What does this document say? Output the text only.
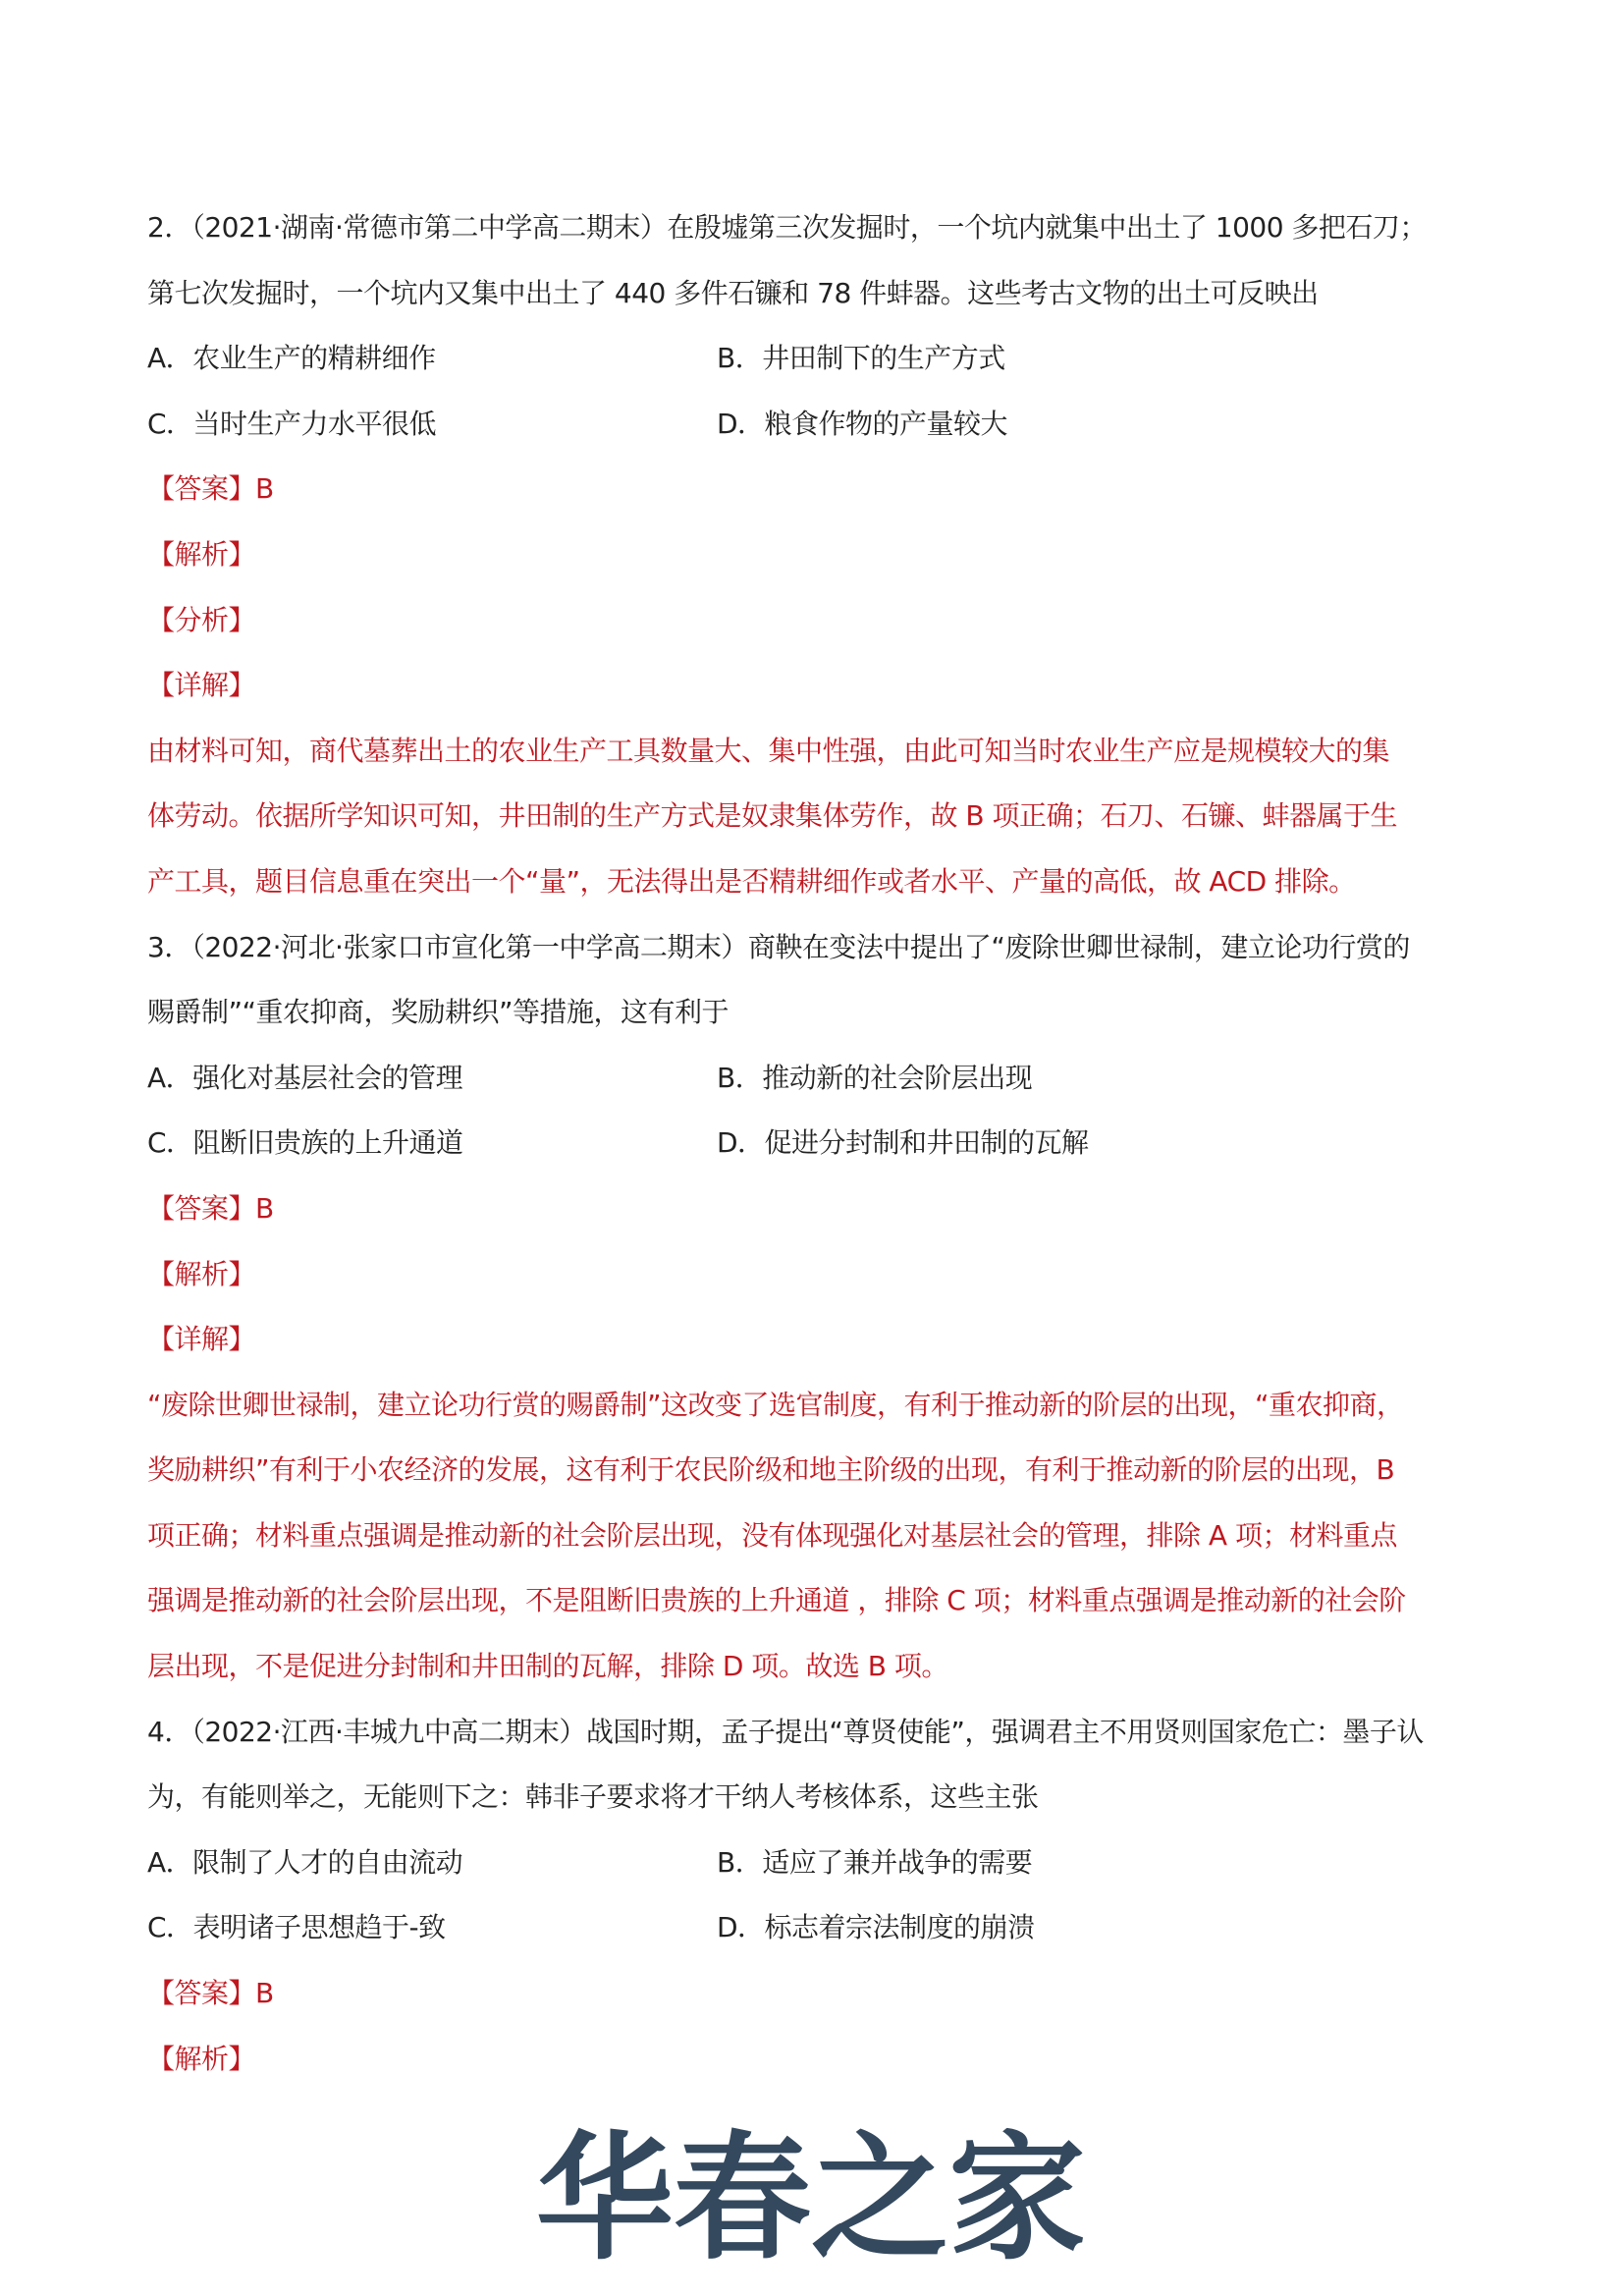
2．（2021·湖南·常德市第二中学高二期末）在殷墟第三次发掘时，一个坑内就集中出土了 1000 多把石刀；
第七次发掘时，一个坑内又集中出土了 440 多件石镰和 78 件蚌器。这些考古文物的出土可反映出
A．农业生产的精耕细作	B．井田制下的生产方式
C．当时生产力水平很低	D．粮食作物的产量较大
【答案】B
【解析】
【分析】
【详解】
由材料可知，商代墓葬出土的农业生产工具数量大、集中性强，由此可知当时农业生产应是规模较大的集
体劳动。依据所学知识可知，井田制的生产方式是奴隶集体劳作，故 B 项正确；石刀、石镰、蚌器属于生
产工具，题目信息重在突出一个“量”，无法得出是否精耕细作或者水平、产量的高低，故 ACD 排除。
3．（2022·河北·张家口市宣化第一中学高二期末）商鞅在变法中提出了“废除世卿世禄制，建立论功行赏的
赐爵制”“重农抑商，奖励耕织”等措施，这有利于
A．强化对基层社会的管理	B．推动新的社会阶层出现
C．阻断旧贵族的上升通道	D．促进分封制和井田制的瓦解
【答案】B
【解析】
【详解】
“废除世卿世禄制，建立论功行赏的赐爵制”这改变了选官制度，有利于推动新的阶层的出现，“重农抑商，
奖励耕织”有利于小农经济的发展，这有利于农民阶级和地主阶级的出现，有利于推动新的阶层的出现，B
项正确；材料重点强调是推动新的社会阶层出现，没有体现强化对基层社会的管理，排除 A 项；材料重点
强调是推动新的社会阶层出现，不是阻断旧贵族的上升通道 ，排除 C 项；材料重点强调是推动新的社会阶
层出现，不是促进分封制和井田制的瓦解，排除 D 项。故选 B 项。
4．（2022·江西·丰城九中高二期末）战国时期，孟子提出“尊贤使能”，强调君主不用贤则国家危亡：墨子认
为，有能则举之，无能则下之：韩非子要求将才干纳人考核体系，这些主张
A．限制了人才的自由流动	B．适应了兼并战争的需要
C．表明诸子思想趋于-致	D．标志着宗法制度的崩溃
【答案】B
【解析】
华春之家
